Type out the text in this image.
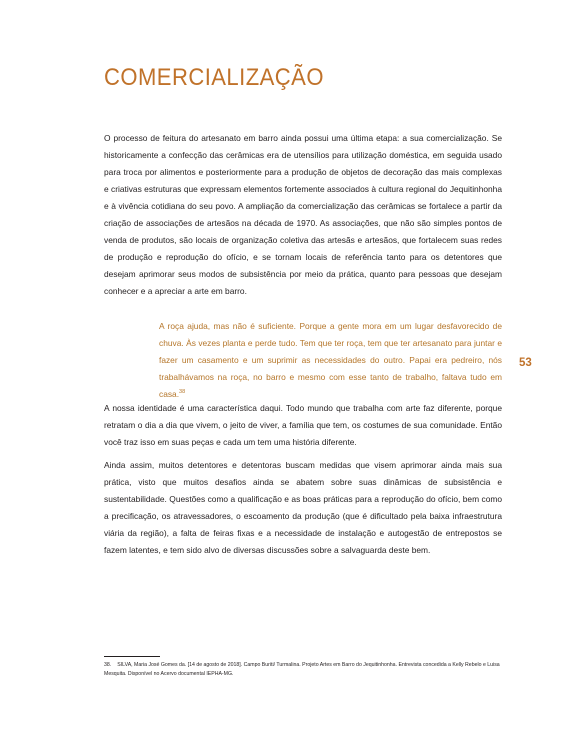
COMERCIALIZAÇÃO

O processo de feitura do artesanato em barro ainda possui uma última etapa: a sua comercialização. Se historicamente a confecção das cerâmicas era de utensílios para utilização doméstica, em seguida usado para troca por alimentos e posteriormente para a produção de objetos de decoração das mais complexas e criativas estruturas que expressam elementos fortemente associados à cultura regional do Jequitinhonha e à vivência cotidiana do seu povo. A ampliação da comercialização das cerâmicas se fortalece a partir da criação de associações de artesãos na década de 1970. As associações, que não são simples pontos de venda de produtos, são locais de organização coletiva das artesãs e artesãos, que fortalecem suas redes de produção e reprodução do ofício, e se tornam locais de referência tanto para os detentores que desejam aprimorar seus modos de subsistência por meio da prática, quanto para pessoas que desejam conhecer e a apreciar a arte em barro.

A roça ajuda, mas não é suficiente. Porque a gente mora em um lugar desfavorecido de chuva. Às vezes planta e perde tudo. Tem que ter roça, tem que ter artesanato para juntar e fazer um casamento e um suprimir as necessidades do outro. Papai era pedreiro, nós trabalhávamos na roça, no barro e mesmo com esse tanto de trabalho, faltava tudo em casa.$^{38}$

A nossa identidade é uma característica daqui. Todo mundo que trabalha com arte faz diferente, porque retratam o dia a dia que vivem, o jeito de viver, a família que tem, os costumes de sua comunidade. Então você traz isso em suas peças e cada um tem uma história diferente.

Ainda assim, muitos detentores e detentoras buscam medidas que visem aprimorar ainda mais sua prática, visto que muitos desafios ainda se abatem sobre suas dinâmicas de subsistência e sustentabilidade. Questões como a qualificação e as boas práticas para a reprodução do ofício, bem como a precificação, os atravessadores, o escoamento da produção (que é dificultado pela baixa infraestrutura viária da região), a falta de feiras fixas e a necessidade de instalação e autogestão de entrepostos se fazem latentes, e tem sido alvo de diversas discussões sobre a salvaguarda deste bem.

53

38. SILVA, Maria José Gomes da. [14 de agosto de 2018]. Campo Buriti/ Turmalina. Projeto Artes em Barro do Jequitinhonha. Entrevista concedida a Kelly Rebelo e Luisa Mesquita. Disponível no Acervo documental IEPHA-MG.
